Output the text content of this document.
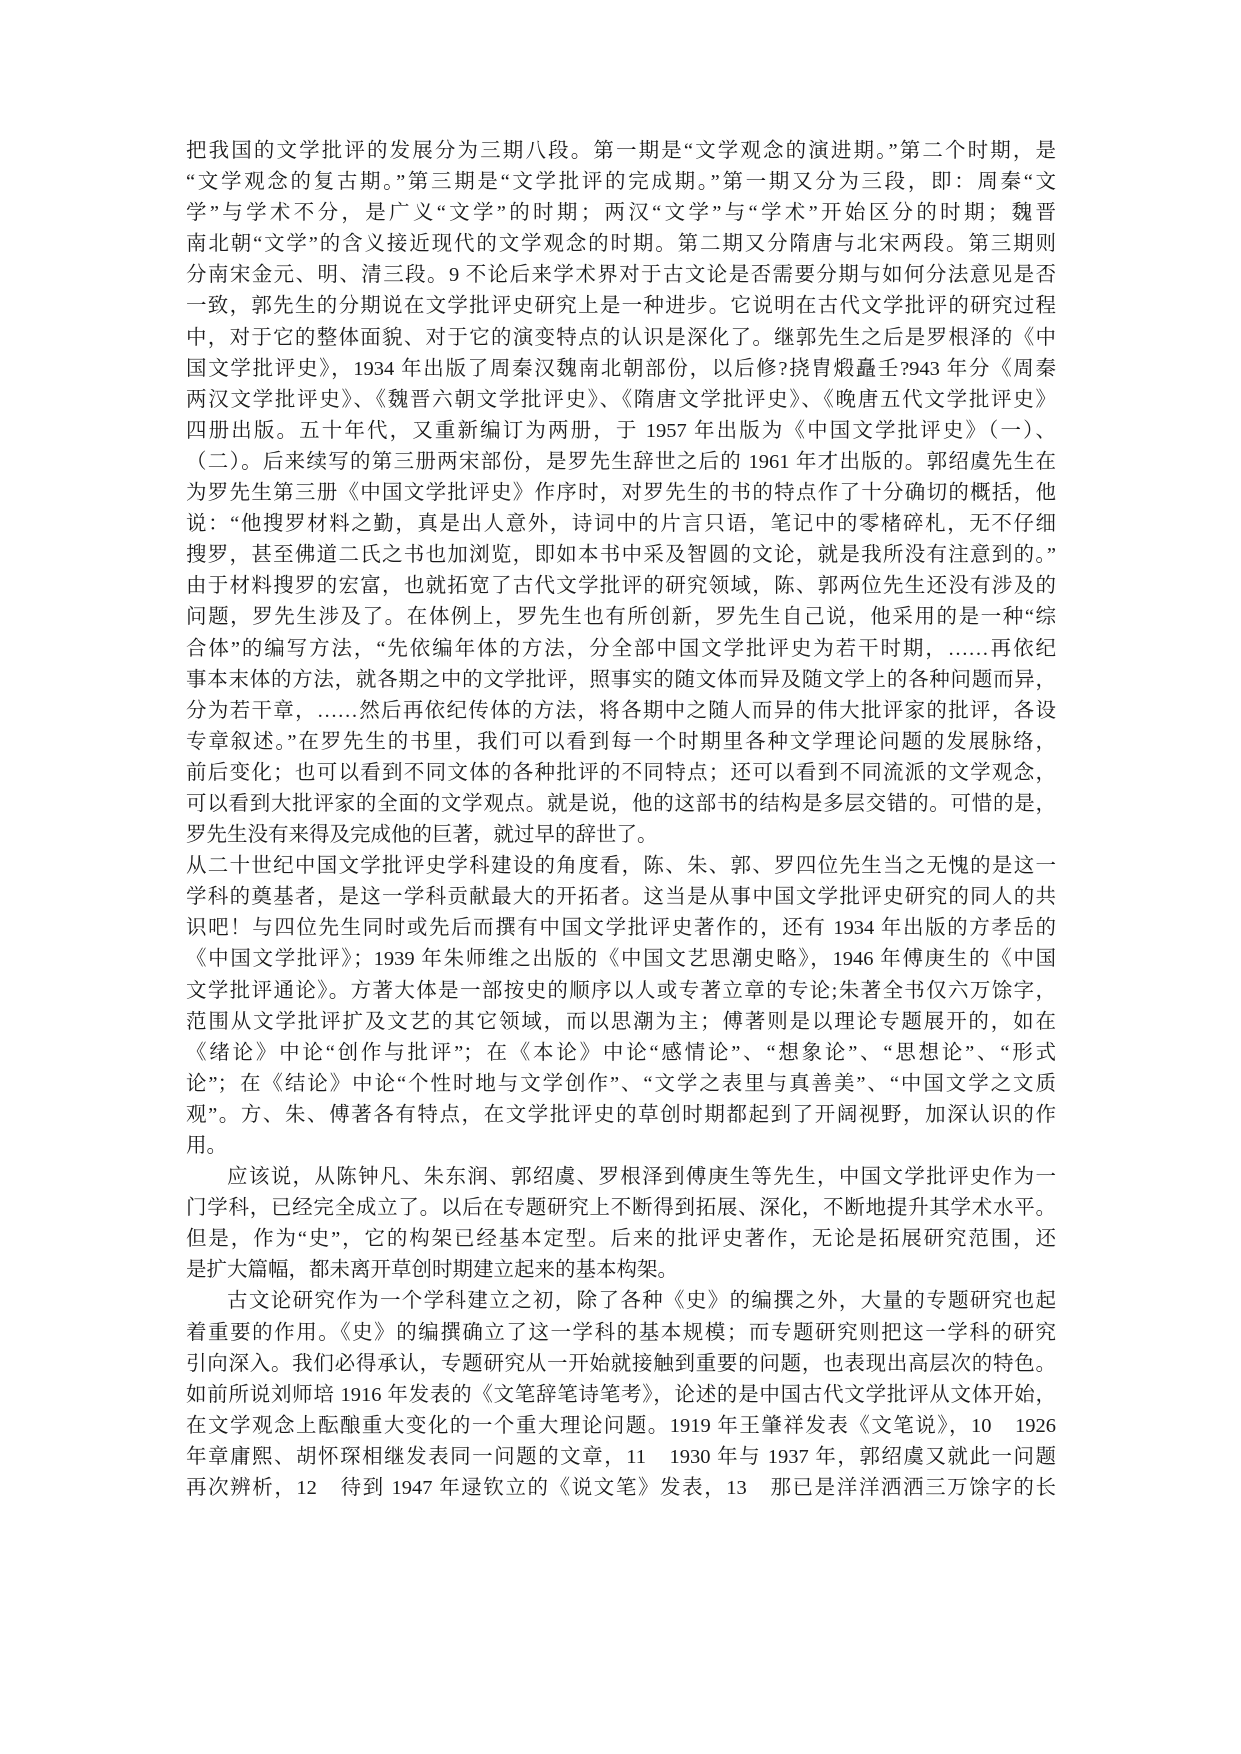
把我国的文学批评的发展分为三期八段。第一期是“文学观念的演进期。”第二个时期，是
“文学观念的复古期。”第三期是“文学批评的完成期。”第一期又分为三段，即：周秦“文
学”与学术不分，是广义“文学”的时期；两汉“文学”与“学术”开始区分的时期；魏晋
南北朝“文学”的含义接近现代的文学观念的时期。第二期又分隋唐与北宋两段。第三期则
分南宋金元、明、清三段。9 不论后来学术界对于古文论是否需要分期与如何分法意见是否
一致，郭先生的分期说在文学批评史研究上是一种进步。它说明在古代文学批评的研究过程
中，对于它的整体面貌、对于它的演变特点的认识是深化了。继郭先生之后是罗根泽的《中
国文学批评史》，1934 年出版了周秦汉魏南北朝部份，以后修?挠胄煅矗壬?943 年分《周秦
两汉文学批评史》、《魏晋六朝文学批评史》、《隋唐文学批评史》、《晚唐五代文学批评史》
四册出版。五十年代，又重新编订为两册，于 1957 年出版为《中国文学批评史》（一）、
（二）。后来续写的第三册两宋部份，是罗先生辞世之后的 1961 年才出版的。郭绍虞先生在
为罗先生第三册《中国文学批评史》作序时，对罗先生的书的特点作了十分确切的概括，他
说：“他搜罗材料之勤，真是出人意外，诗词中的片言只语，笔记中的零楮碎札，无不仔细
搜罗，甚至佛道二氏之书也加浏览，即如本书中采及智圆的文论，就是我所没有注意到的。”
由于材料搜罗的宏富，也就拓宽了古代文学批评的研究领域，陈、郭两位先生还没有涉及的
问题，罗先生涉及了。在体例上，罗先生也有所创新，罗先生自己说，他采用的是一种“综
合体”的编写方法，“先依编年体的方法，分全部中国文学批评史为若干时期，……再依纪
事本末体的方法，就各期之中的文学批评，照事实的随文体而异及随文学上的各种问题而异，
分为若干章，……然后再依纪传体的方法，将各期中之随人而异的伟大批评家的批评，各设
专章叙述。”在罗先生的书里，我们可以看到每一个时期里各种文学理论问题的发展脉络，
前后变化；也可以看到不同文体的各种批评的不同特点；还可以看到不同流派的文学观念，
可以看到大批评家的全面的文学观点。就是说，他的这部书的结构是多层交错的。可惜的是，
罗先生没有来得及完成他的巨著，就过早的辞世了。
从二十世纪中国文学批评史学科建设的角度看，陈、朱、郭、罗四位先生当之无愧的是这一
学科的奠基者，是这一学科贡献最大的开拓者。这当是从事中国文学批评史研究的同人的共
识吧！与四位先生同时或先后而撰有中国文学批评史著作的，还有 1934 年出版的方孝岳的
《中国文学批评》；1939 年朱师维之出版的《中国文艺思潮史略》，1946 年傅庚生的《中国
文学批评通论》。方著大体是一部按史的顺序以人或专著立章的专论;朱著全书仅六万馀字，
范围从文学批评扩及文艺的其它领域，而以思潮为主；傅著则是以理论专题展开的，如在
《绪论》中论“创作与批评”；在《本论》中论“感情论”、“想象论”、“思想论”、“形式
论”；在《结论》中论“个性时地与文学创作”、“文学之表里与真善美”、“中国文学之文质
观”。方、朱、傅著各有特点，在文学批评史的草创时期都起到了开阔视野，加深认识的作
用。
应该说，从陈钟凡、朱东润、郭绍虞、罗根泽到傅庚生等先生，中国文学批评史作为一
门学科，已经完全成立了。以后在专题研究上不断得到拓展、深化，不断地提升其学术水平。
但是，作为“史”，它的构架已经基本定型。后来的批评史著作，无论是拓展研究范围，还
是扩大篇幅，都未离开草创时期建立起来的基本构架。
古文论研究作为一个学科建立之初，除了各种《史》的编撰之外，大量的专题研究也起
着重要的作用。《史》的编撰确立了这一学科的基本规模；而专题研究则把这一学科的研究
引向深入。我们必得承认，专题研究从一开始就接触到重要的问题，也表现出高层次的特色。
如前所说刘师培 1916 年发表的《文笔辞笔诗笔考》，论述的是中国古代文学批评从文体开始，
在文学观念上酝酿重大变化的一个重大理论问题。1919 年王肇祥发表《文笔说》，10　1926
年章庸熙、胡怀琛相继发表同一问题的文章，11　1930 年与 1937 年，郭绍虞又就此一问题
再次辨析，12　待到 1947 年逯钦立的《说文笔》发表，13　那已是洋洋洒洒三万馀字的长
